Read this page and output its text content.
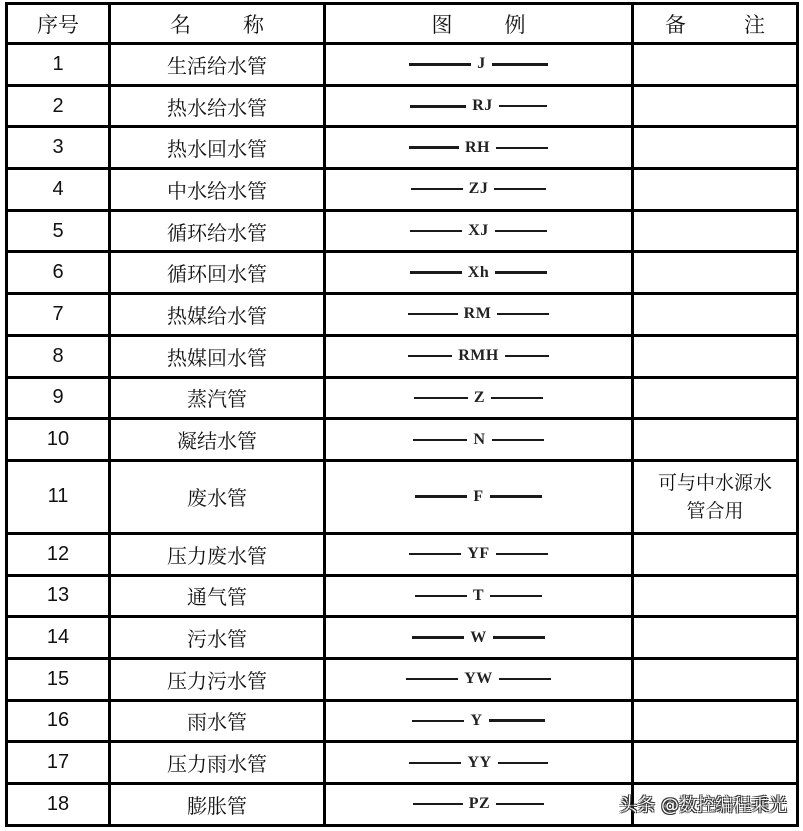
序号	名 称	图 例	备 注
1	生活给水管	J	

2	热水给水管	RJ	

3	热水回水管	RH	

4	中水给水管	ZJ	

5	循环给水管	XJ	

6	循环回水管	Xh	

7	热媒给水管	RM	

8	热媒回水管	RMH	

9	蒸汽管	Z	

10	凝结水管	N	

11	废水管	F	可与中水源水
管合用
12	压力废水管	YF	

13	通气管	T	

14	污水管	W	

15	压力污水管	YW	

16	雨水管	Y	

17	压力雨水管	YY	

18	膨胀管	PZ	
		头条 @数控编程乘光
